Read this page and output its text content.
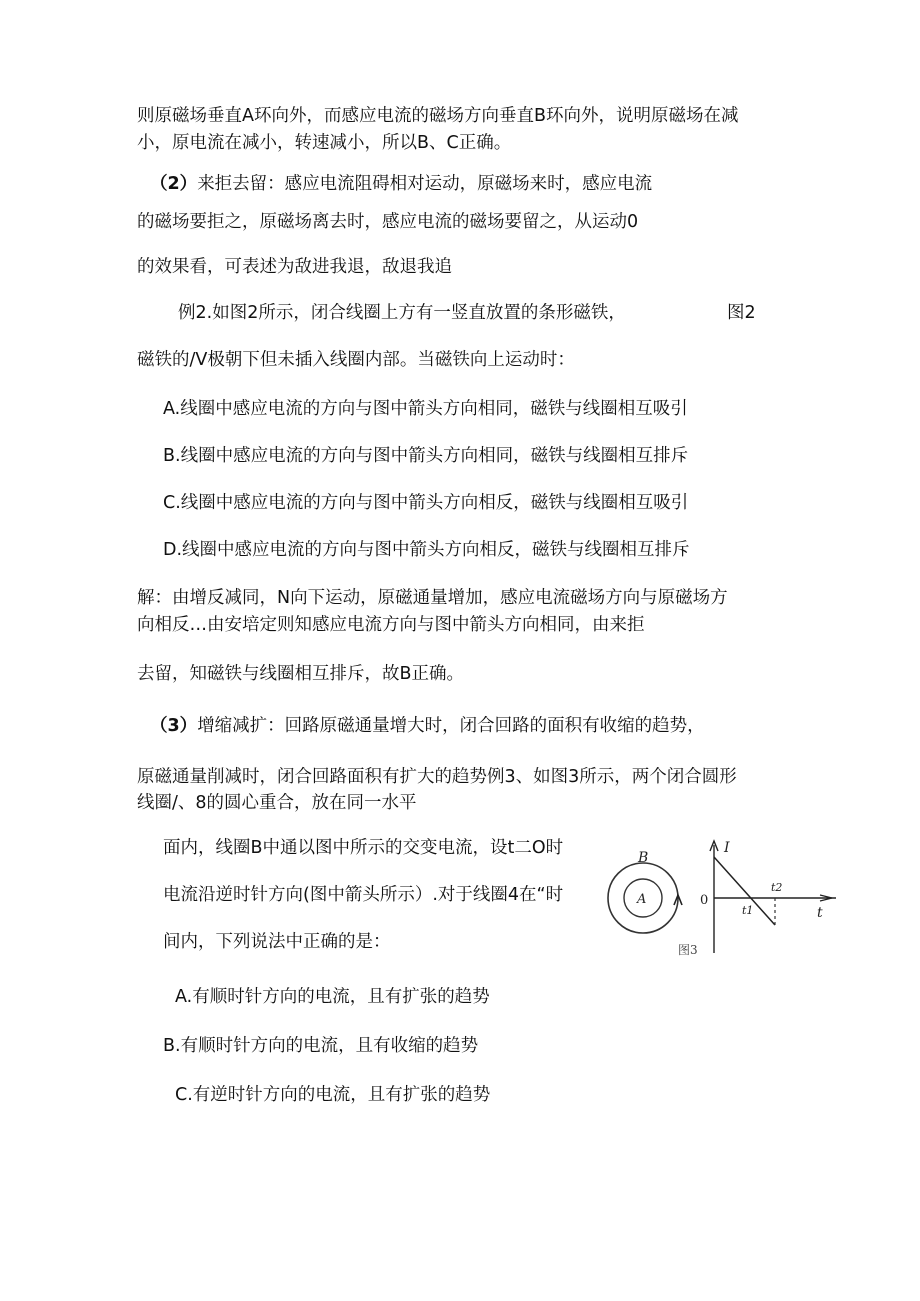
则原磁场垂直A环向外，而感应电流的磁场方向垂直B环向外，说明原磁场在减
小，原电流在减小，转速减小，所以B、C正确。
（2）来拒去留：感应电流阻碍相对运动，原磁场来时，感应电流
的磁场要拒之，原磁场离去时，感应电流的磁场要留之，从运动0
的效果看，可表述为敌进我退，敌退我追
例2.如图2所示，闭合线圈上方有一竖直放置的条形磁铁，	图2
磁铁的/V极朝下但未插入线圈内部。当磁铁向上运动时：
A.线圈中感应电流的方向与图中箭头方向相同，磁铁与线圈相互吸引
B.线圈中感应电流的方向与图中箭头方向相同，磁铁与线圈相互排斥
C.线圈中感应电流的方向与图中箭头方向相反，磁铁与线圈相互吸引
D.线圈中感应电流的方向与图中箭头方向相反，磁铁与线圈相互排斥
解：由增反减同，N向下运动，原磁通量增加，感应电流磁场方向与原磁场方
向相反…由安培定则知感应电流方向与图中箭头方向相同，由来拒
去留，知磁铁与线圈相互排斥，故B正确。
（3）增缩减扩：回路原磁通量增大时，闭合回路的面积有收缩的趋势，
原磁通量削减时，闭合回路面积有扩大的趋势例3、如图3所示，两个闭合圆形
线圈/、8的圆心重合，放在同一水平
面内，线圈B中通以图中所示的交变电流，设t二O时
电流沿逆时针方向(图中箭头所示）.对于线圈4在“时
间内，下列说法中正确的是：
A.有顺时针方向的电流，且有扩张的趋势
B.有顺时针方向的电流，且有收缩的趋势
C.有逆时针方向的电流，且有扩张的趋势
B
A
I
0
t1
t2
t
图3
